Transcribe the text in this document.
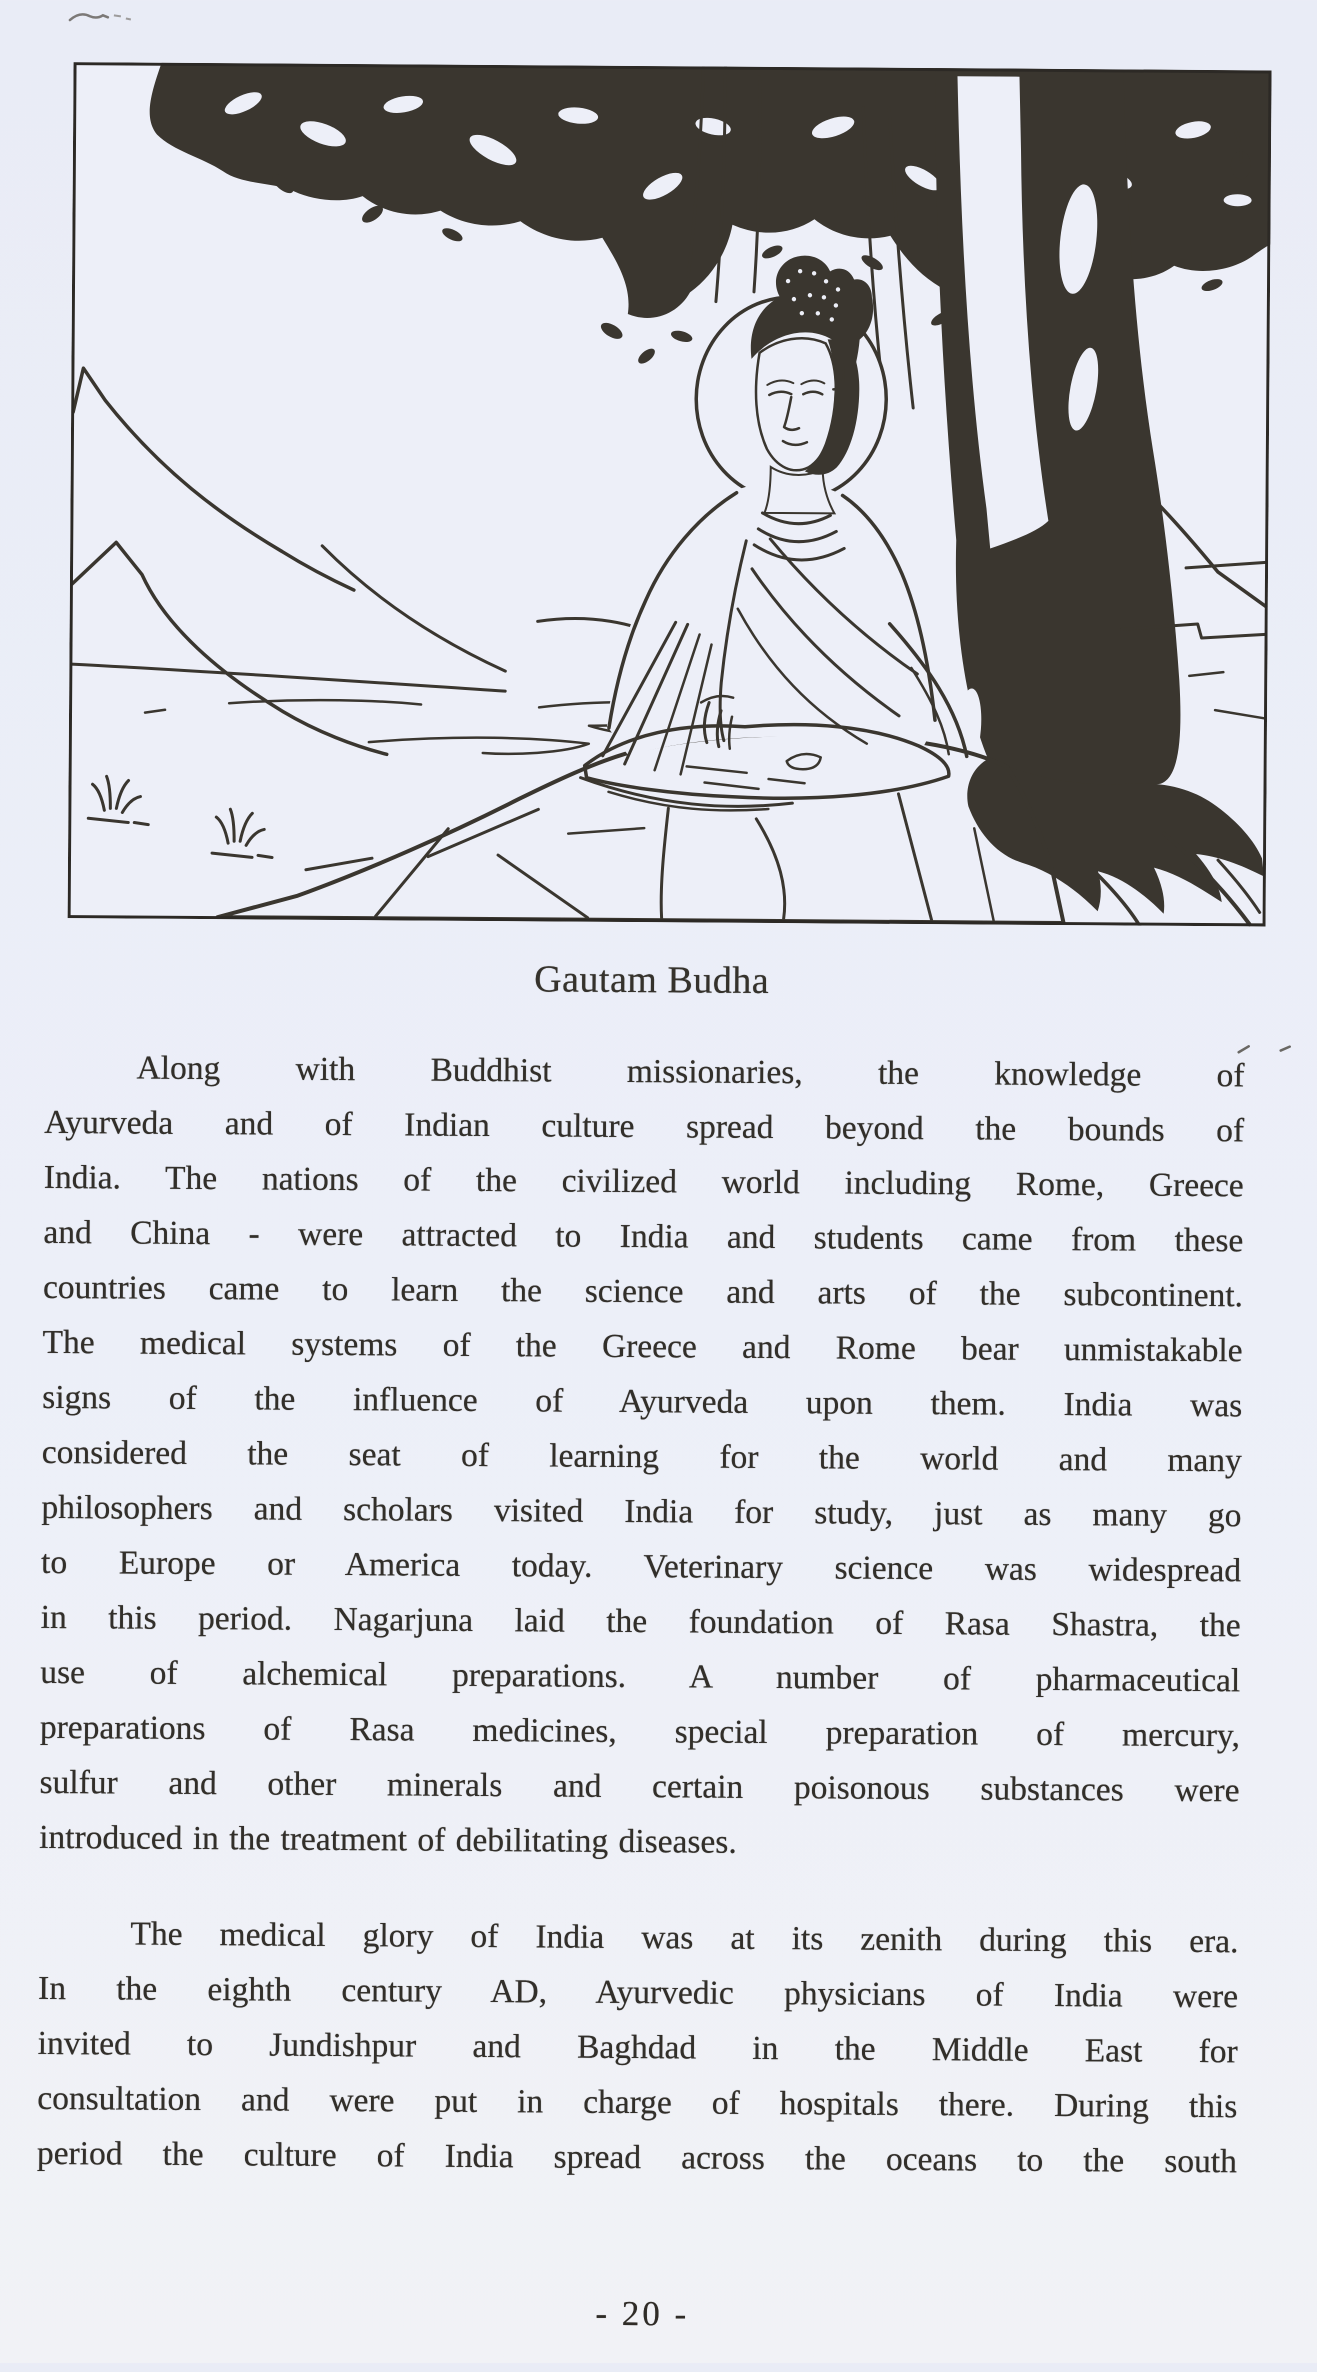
Gautam Budha
Along with Buddhist missionaries, the knowledge of
Ayurveda and of Indian culture spread beyond the bounds of
India. The nations of the civilized world including Rome, Greece
and China - were attracted to India and students came from these
countries came to learn the science and arts of the subcontinent.
The medical systems of the Greece and Rome bear unmistakable
signs of the influence of Ayurveda upon them. India was
considered the seat of learning for the world and many
philosophers and scholars visited India for study, just as many go
to Europe or America today. Veterinary science was widespread
in this period. Nagarjuna laid the foundation of Rasa Shastra, the
use of alchemical preparations. A number of pharmaceutical
preparations of Rasa medicines, special preparation of mercury,
sulfur and other minerals and certain poisonous substances were
introduced in the treatment of debilitating diseases.
The medical glory of India was at its zenith during this era.
In the eighth century AD, Ayurvedic physicians of India were
invited to Jundishpur and Baghdad in the Middle East for
consultation and were put in charge of hospitals there. During this
period the culture of India spread across the oceans to the south
- 20 -
